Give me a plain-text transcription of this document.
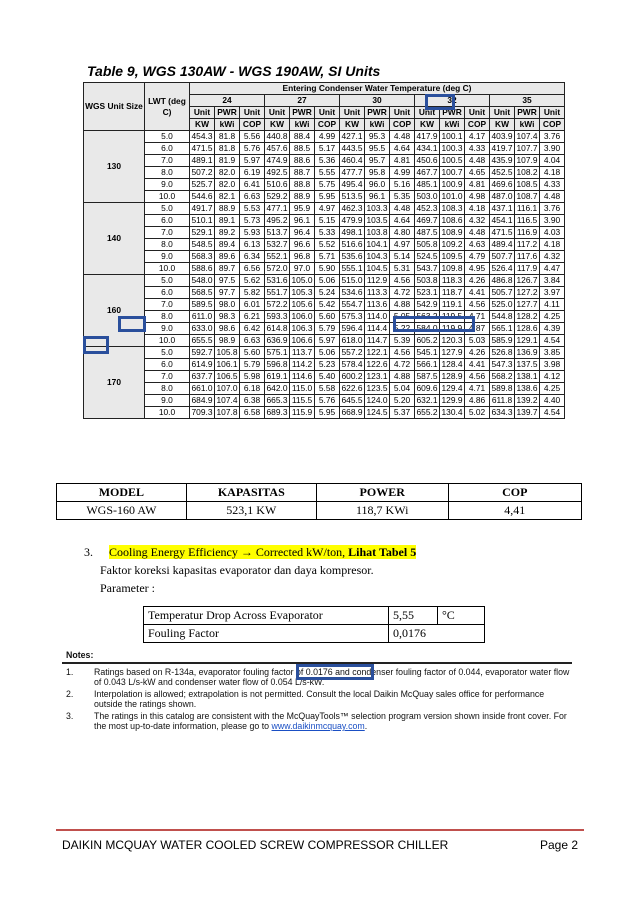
Table 9, WGS 130AW - WGS 190AW, SI Units
WGS Unit Size	LWT (deg C)	Entering Condenser Water Temperature (deg C)														
		24			27			30			32			35		
		Unit	PWR	Unit	Unit	PWR	Unit	Unit	PWR	Unit	Unit	PWR	Unit	Unit	PWR	Unit
		KW	kWi	COP	KW	kWi	COP	KW	kWi	COP	KW	kWi	COP	KW	kWi	COP
130	5.0	454.3	81.8	5.56	440.8	88.4	4.99	427.1	95.3	4.48	417.9	100.1	4.17	403.9	107.4	3.76
	6.0	471.5	81.8	5.76	457.6	88.5	5.17	443.5	95.5	4.64	434.1	100.3	4.33	419.7	107.7	3.90
	7.0	489.1	81.9	5.97	474.9	88.6	5.36	460.4	95.7	4.81	450.6	100.5	4.48	435.9	107.9	4.04
	8.0	507.2	82.0	6.19	492.5	88.7	5.55	477.7	95.8	4.99	467.7	100.7	4.65	452.5	108.2	4.18
	9.0	525.7	82.0	6.41	510.6	88.8	5.75	495.4	96.0	5.16	485.1	100.9	4.81	469.6	108.5	4.33
	10.0	544.6	82.1	6.63	529.2	88.9	5.95	513.5	96.1	5.35	503.0	101.0	4.98	487.0	108.7	4.48
140	5.0	491.7	88.9	5.53	477.1	95.9	4.97	462.3	103.3	4.48	452.3	108.3	4.18	437.1	116.1	3.76
	6.0	510.1	89.1	5.73	495.2	96.1	5.15	479.9	103.5	4.64	469.7	108.6	4.32	454.1	116.5	3.90
	7.0	529.1	89.2	5.93	513.7	96.4	5.33	498.1	103.8	4.80	487.5	108.9	4.48	471.5	116.9	4.03
	8.0	548.5	89.4	6.13	532.7	96.6	5.52	516.6	104.1	4.97	505.8	109.2	4.63	489.4	117.2	4.18
	9.0	568.3	89.6	6.34	552.1	96.8	5.71	535.6	104.3	5.14	524.5	109.5	4.79	507.7	117.6	4.32
	10.0	588.6	89.7	6.56	572.0	97.0	5.90	555.1	104.5	5.31	543.7	109.8	4.95	526.4	117.9	4.47
160	5.0	548.0	97.5	5.62	531.6	105.0	5.06	515.0	112.9	4.56	503.8	118.3	4.26	486.8	126.7	3.84
	6.0	568.5	97.7	5.82	551.7	105.3	5.24	534.6	113.3	4.72	523.1	118.7	4.41	505.7	127.2	3.97
	7.0	589.5	98.0	6.01	572.2	105.6	5.42	554.7	113.6	4.88	542.9	119.1	4.56	525.0	127.7	4.11
	8.0	611.0	98.3	6.21	593.3	106.0	5.60	575.3	114.0	5.05	563.2	119.5	4.71	544.8	128.2	4.25
	9.0	633.0	98.6	6.42	614.8	106.3	5.79	596.4	114.4	5.22	584.0	119.9	4.87	565.1	128.6	4.39
	10.0	655.5	98.9	6.63	636.9	106.6	5.97	618.0	114.7	5.39	605.2	120.3	5.03	585.9	129.1	4.54
170	5.0	592.7	105.8	5.60	575.1	113.7	5.06	557.2	122.1	4.56	545.1	127.9	4.26	526.8	136.9	3.85
	6.0	614.9	106.1	5.79	596.8	114.2	5.23	578.4	122.6	4.72	566.1	128.4	4.41	547.3	137.5	3.98
	7.0	637.7	106.5	5.98	619.1	114.6	5.40	600.2	123.1	4.88	587.5	128.9	4.56	568.2	138.1	4.12
	8.0	661.0	107.0	6.18	642.0	115.0	5.58	622.6	123.5	5.04	609.6	129.4	4.71	589.8	138.6	4.25
	9.0	684.9	107.4	6.38	665.3	115.5	5.76	645.5	124.0	5.20	632.1	129.9	4.86	611.8	139.2	4.40
	10.0	709.3	107.8	6.58	689.3	115.9	5.95	668.9	124.5	5.37	655.2	130.4	5.02	634.3	139.7	4.54
MODEL	KAPASITAS	POWER	COP
WGS-160 AW	523,1 KW	118,7 KWi	4,41
3. Cooling Energy Efficiency → Corrected kW/ton, Lihat Tabel 5
Faktor koreksi kapasitas evaporator dan daya kompresor.
Parameter :
Temperatur Drop Across Evaporator	5,55	°C
Fouling Factor	0,0176	
Notes:
1. Ratings based on R-134a, evaporator fouling factor of 0.0176 and condenser fouling factor of 0.044, evaporator water flow of 0.043 L/s-kW and condenser water flow of 0.054 L/s-kW.
2. Interpolation is allowed; extrapolation is not permitted. Consult the local Daikin McQuay sales office for performance outside the ratings shown.
3. The ratings in this catalog are consistent with the McQuayTools™ selection program version shown inside front cover. For the most up-to-date information, please go to www.daikinmcquay.com.
DAIKIN MCQUAY WATER COOLED SCREW COMPRESSOR CHILLER	Page 2
